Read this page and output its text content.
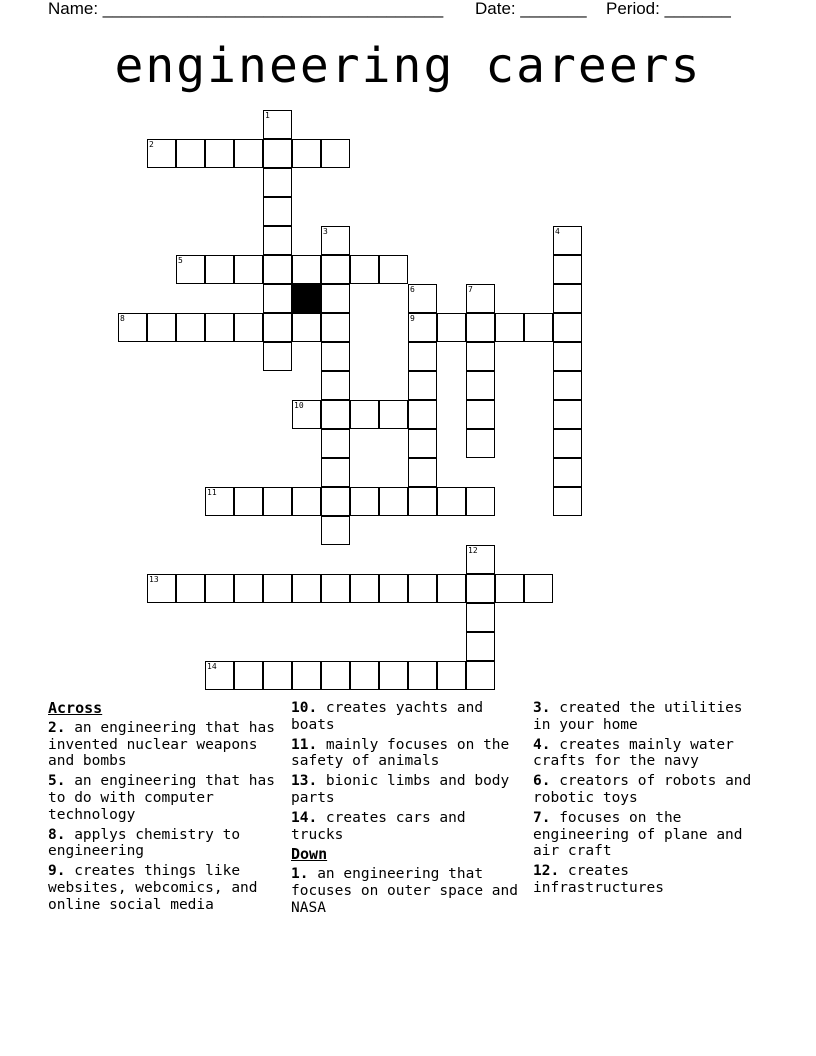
Name: ____________________________________ Date: _______ Period: _______
engineering careers
1
2
3	4
5
6	7
8	9
10
11
12
13
14
Across
2. an engineering that has invented nuclear weapons and bombs
5. an engineering that has to do with computer technology
8. applys chemistry to engineering
9. creates things like websites, webcomics, and online social media
10. creates yachts and boats
11. mainly focuses on the safety of animals
13. bionic limbs and body parts
14. creates cars and trucks
Down
1. an engineering that focuses on outer space and NASA
3. created the utilities in your home
4. creates mainly water crafts for the navy
6. creators of robots and robotic toys
7. focuses on the engineering of plane and air craft
12. creates infrastructures
